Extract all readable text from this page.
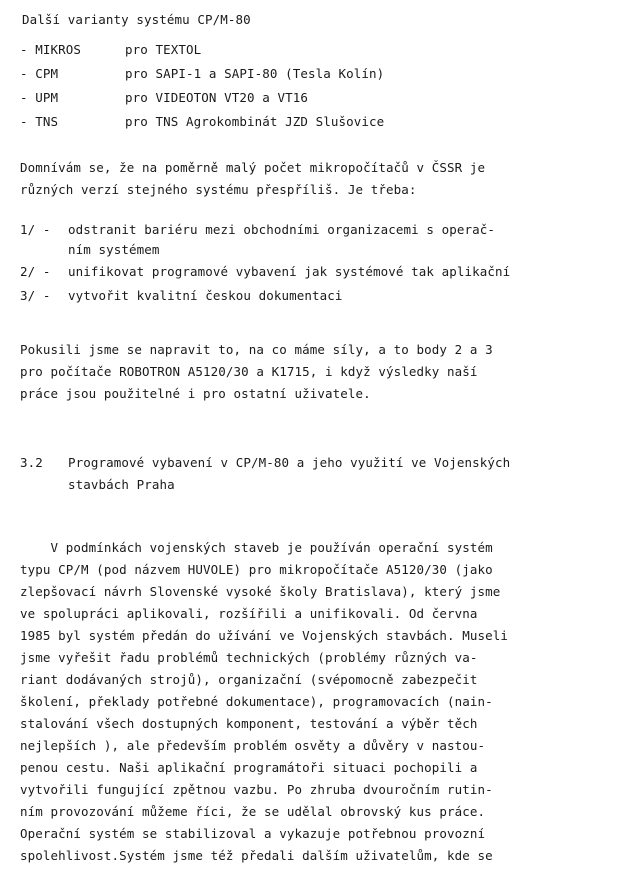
Další varianty systému CP/M-80
- MIKROS	pro TEXTOL
- CPM	pro SAPI-1 a SAPI-80 (Tesla Kolín)
- UPM	pro VIDEOTON VT20 a VT16
- TNS	pro TNS Agrokombinát JZD Slušovice
Domnívám se, že na poměrně malý počet mikropočítačů v ČSSR je
různých verzí stejného systému přespříliš. Je třeba:
1/ - odstranit bariéru mezi obchodními organizacemi s operač-
ním systémem
2/ - unifikovat programové vybavení jak systémové tak aplikační
3/ - vytvořit kvalitní českou dokumentaci
Pokusili jsme se napravit to, na co máme síly, a to body 2 a 3
pro počítače ROBOTRON A5120/30 a K1715, i když výsledky naší
práce jsou použitelné i pro ostatní uživatele.
3.2 Programové vybavení v CP/M-80 a jeho využití ve Vojenských
stavbách Praha
V podmínkách vojenských staveb je používán operační systém
typu CP/M (pod názvem HUVOLE) pro mikropočítače A5120/30 (jako
zlepšovací návrh Slovenské vysoké školy Bratislava), který jsme
ve spolupráci aplikovali, rozšířili a unifikovali. Od června
1985 byl systém předán do užívání ve Vojenských stavbách. Museli
jsme vyřešit řadu problémů technických (problémy různých va-
riant dodávaných strojů), organizační (svépomocně zabezpečit
školení, překlady potřebné dokumentace), programovacích (nain-
stalování všech dostupných komponent, testování a výběr těch
nejlepších ), ale především problém osvěty a důvěry v nastou-
penou cestu. Naši aplikační programátoři situaci pochopili a
vytvořili fungující zpětnou vazbu. Po zhruba dvouročním rutin-
ním provozování můžeme říci, že se udělal obrovský kus práce.
Operační systém se stabilizoval a vykazuje potřebnou provozní
spolehlivost.Systém jsme též předali dalším uživatelům, kde se
